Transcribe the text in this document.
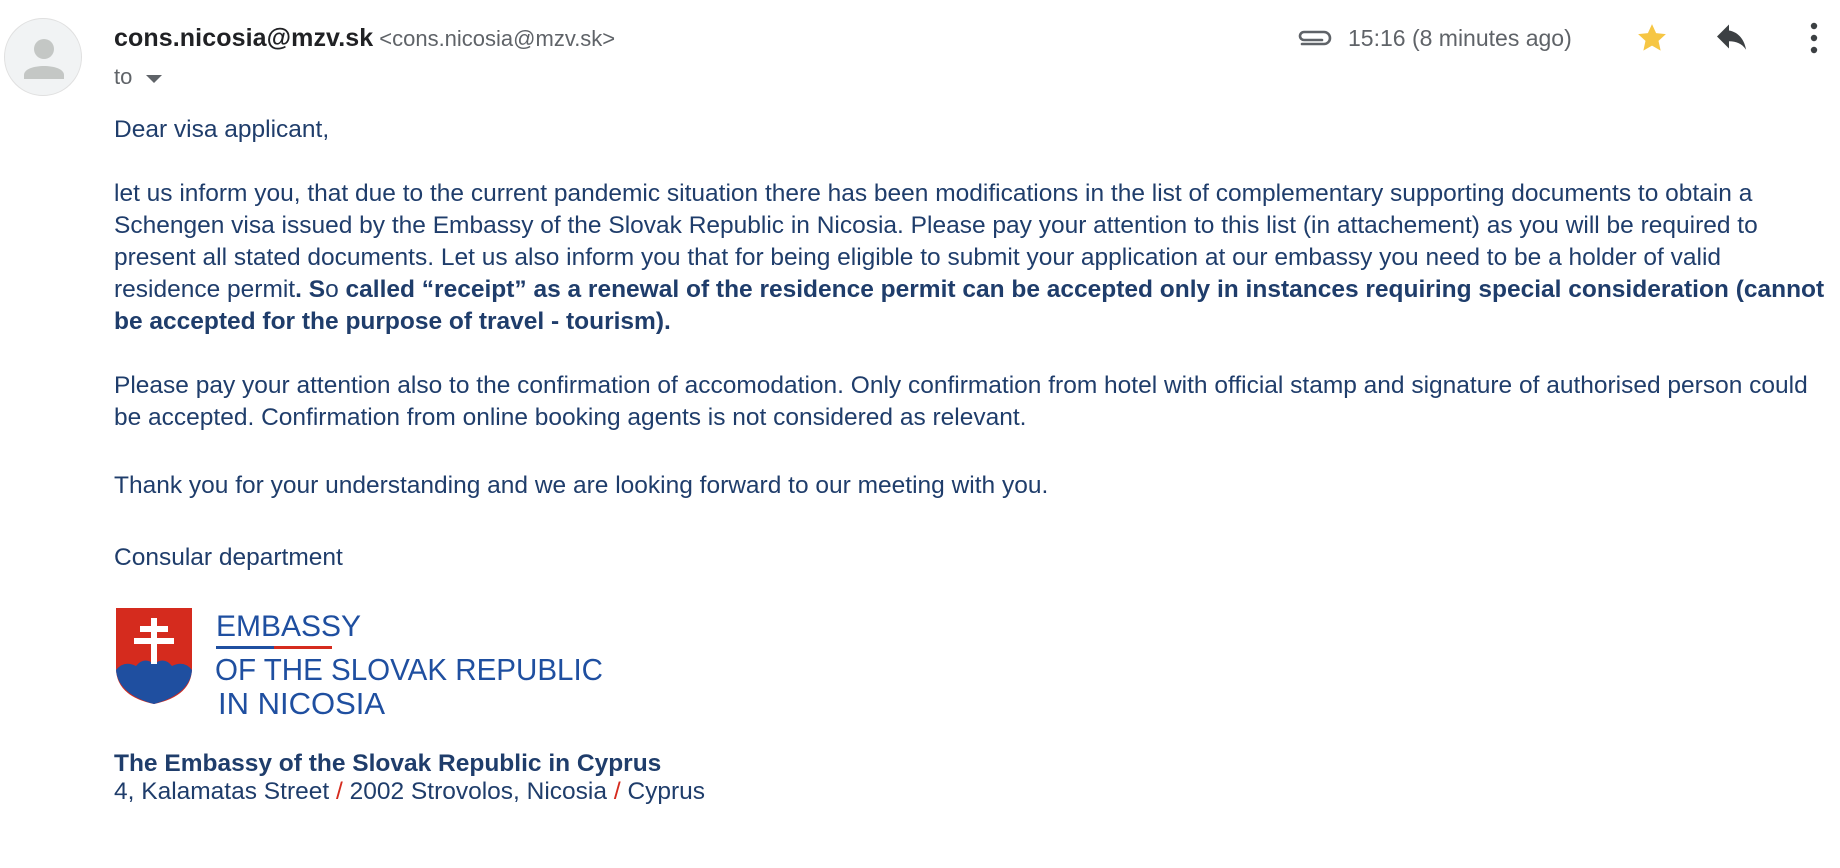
cons.nicosia@mzv.sk <cons.nicosia@mzv.sk>
to
15:16 (8 minutes ago)

Dear visa applicant,

let us inform you, that due to the current pandemic situation there has been modifications in the list of complementary supporting documents to obtain a Schengen visa issued by the Embassy of the Slovak Republic in Nicosia. Please pay your attention to this list (in attachement) as you will be required to present all stated documents. Let us also inform you that for being eligible to submit your application at our embassy you need to be a holder of valid residence permit. So called “receipt” as a renewal of the residence permit can be accepted only in instances requiring special consideration (cannot be accepted for the purpose of travel - tourism).

Please pay your attention also to the confirmation of accomodation. Only confirmation from hotel with official stamp and signature of authorised person could be accepted. Confirmation from online booking agents is not considered as relevant.

Thank you for your understanding and we are looking forward to our meeting with you.

Consular department

EMBASSY
OF THE SLOVAK REPUBLIC
IN NICOSIA
The Embassy of the Slovak Republic in Cyprus
4, Kalamatas Street / 2002 Strovolos, Nicosia / Cyprus
